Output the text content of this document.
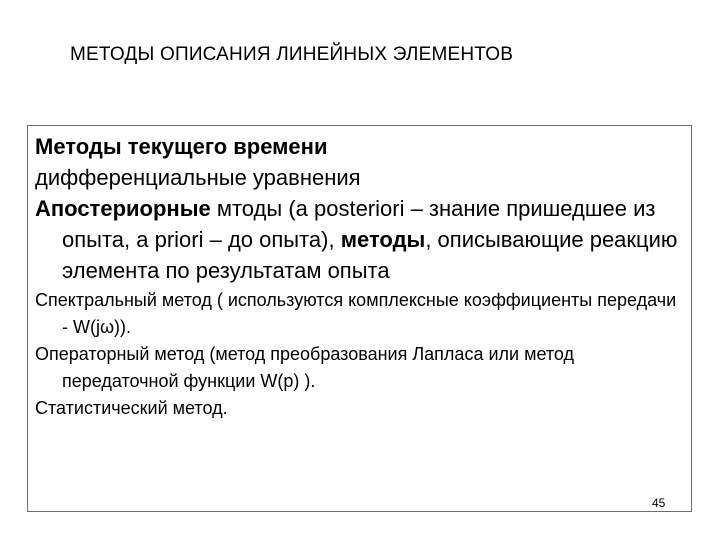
МЕТОДЫ ОПИСАНИЯ ЛИНЕЙНЫХ ЭЛЕМЕНТОВ
Методы текущего времени
дифференциальные уравнения
Апостериорные мтоды (а posteriori – знание пришедшее из опыта, а priori – до опыта), методы, описывающие реакцию элемента по результатам опыта
Спектральный метод ( используются комплексные коэффициенты передачи - W(jω)).
Операторный метод (метод преобразования Лапласа или метод передаточной функции W(p) ).
Статистический метод.
45
